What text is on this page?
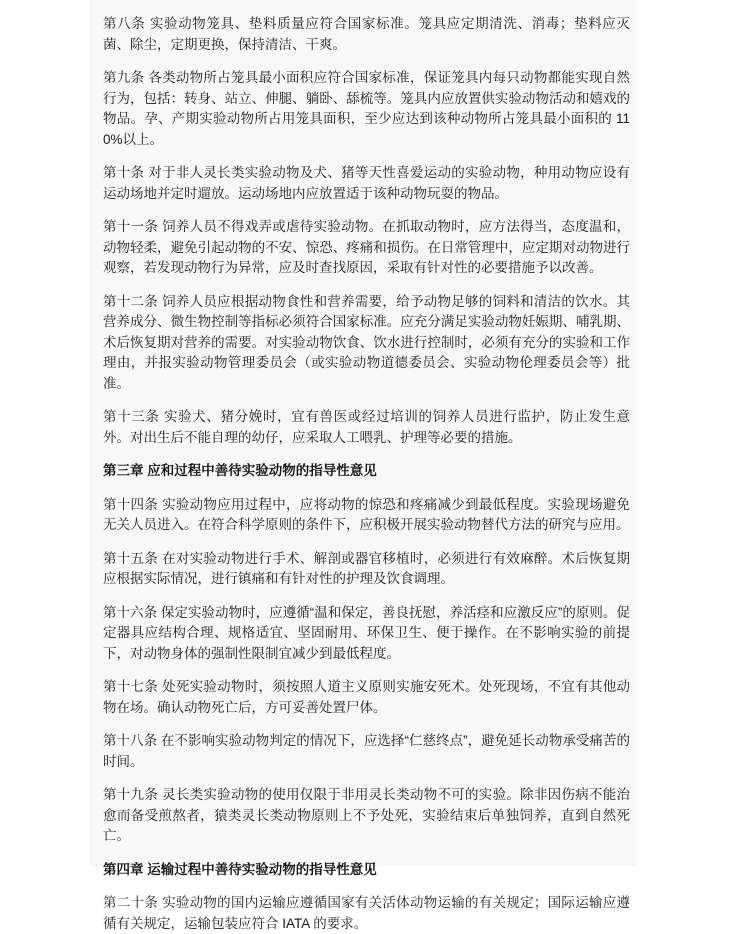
第八条 实验动物笼具、垫料质量应符合国家标准。笼具应定期清洗、消毒；垫料应灭菌、除尘，定期更换，保持清洁、干爽。

第九条 各类动物所占笼具最小面积应符合国家标准，保证笼具内每只动物都能实现自然行为，包括：转身、站立、伸腿、躺卧、舔梳等。笼具内应放置供实验动物活动和嬉戏的物品。孕、产期实验动物所占用笼具面积，至少应达到该种动物所占笼具最小面积的 110%以上。

第十条 对于非人灵长类实验动物及犬、猪等天性喜爱运动的实验动物，种用动物应设有运动场地并定时遛放。运动场地内应放置适于该种动物玩耍的物品。

第十一条 饲养人员不得戏弄或虐待实验动物。在抓取动物时，应方法得当，态度温和，动物轻柔，避免引起动物的不安、惊恐、疼痛和损伤。在日常管理中，应定期对动物进行观察，若发现动物行为异常，应及时查找原因，采取有针对性的必要措施予以改善。

第十二条 饲养人员应根据动物食性和营养需要，给予动物足够的饲料和清洁的饮水。其营养成分、微生物控制等指标必须符合国家标准。应充分满足实验动物妊娠期、哺乳期、术后恢复期对营养的需要。对实验动物饮食、饮水进行控制时，必须有充分的实验和工作理由，并报实验动物管理委员会（或实验动物道德委员会、实验动物伦理委员会等）批准。

第十三条 实验犬、猪分娩时，宜有兽医或经过培训的饲养人员进行监护，防止发生意外。对出生后不能自理的幼仔，应采取人工喂乳、护理等必要的措施。

第三章 应和过程中善待实验动物的指导性意见

第十四条 实验动物应用过程中，应将动物的惊恐和疼痛减少到最低程度。实验现场避免无关人员进入。在符合科学原则的条件下，应积极开展实验动物替代方法的研究与应用。

第十五条 在对实验动物进行手术、解剖或器官移植时，必须进行有效麻醉。术后恢复期应根据实际情况，进行镇痛和有针对性的护理及饮食调理。

第十六条 保定实验动物时，应遵循“温和保定，善良抚慰，养活痉和应激反应”的原则。促定器具应结构合理、规格适宜、坚固耐用、环保卫生、便于操作。在不影响实验的前提下，对动物身体的强制性限制宜减少到最低程度。

第十七条 处死实验动物时，须按照人道主义原则实施安死术。处死现场，不宜有其他动物在场。确认动物死亡后，方可妥善处置尸体。

第十八条 在不影响实验动物判定的情况下，应选择“仁慈终点”，避免延长动物承受痛苦的时间。

第十九条 灵长类实验动物的使用仅限于非用灵长类动物不可的实验。除非因伤病不能治愈而备受煎熬者，猿类灵长类动物原则上不予处死，实验结束后单独饲养，直到自然死亡。

第四章 运输过程中善待实验动物的指导性意见

第二十条 实验动物的国内运输应遵循国家有关活体动物运输的有关规定；国际运输应遵循有关规定，运输包装应符合 IATA 的要求。
